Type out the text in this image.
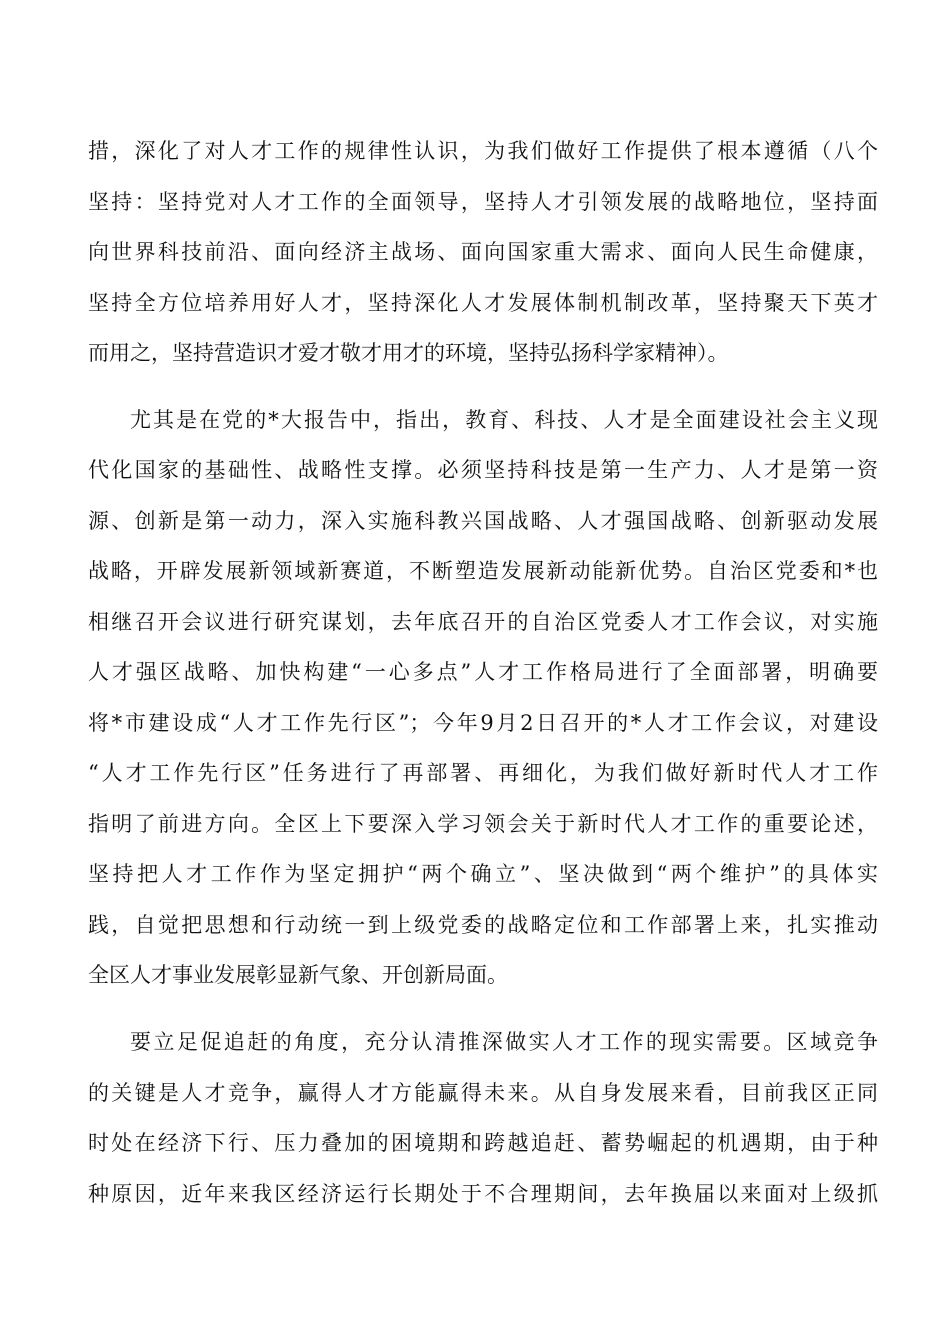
措，深化了对人才工作的规律性认识，为我们做好工作提供了根本遵循（八个
坚持：坚持党对人才工作的全面领导，坚持人才引领发展的战略地位，坚持面
向世界科技前沿、面向经济主战场、面向国家重大需求、面向人民生命健康，
坚持全方位培养用好人才，坚持深化人才发展体制机制改革，坚持聚天下英才
而用之，坚持营造识才爱才敬才用才的环境，坚持弘扬科学家精神）。
尤其是在党的*大报告中，指出，教育、科技、人才是全面建设社会主义现
代化国家的基础性、战略性支撑。必须坚持科技是第一生产力、人才是第一资
源、创新是第一动力，深入实施科教兴国战略、人才强国战略、创新驱动发展
战略，开辟发展新领域新赛道，不断塑造发展新动能新优势。自治区党委和*也
相继召开会议进行研究谋划，去年底召开的自治区党委人才工作会议，对实施
人才强区战略、加快构建“一心多点”人才工作格局进行了全面部署，明确要
将*市建设成“人才工作先行区”；今年9月2日召开的*人才工作会议，对建设
“人才工作先行区”任务进行了再部署、再细化，为我们做好新时代人才工作
指明了前进方向。全区上下要深入学习领会关于新时代人才工作的重要论述，
坚持把人才工作作为坚定拥护“两个确立”、坚决做到“两个维护”的具体实
践，自觉把思想和行动统一到上级党委的战略定位和工作部署上来，扎实推动
全区人才事业发展彰显新气象、开创新局面。
要立足促追赶的角度，充分认清推深做实人才工作的现实需要。区域竞争
的关键是人才竞争，赢得人才方能赢得未来。从自身发展来看，目前我区正同
时处在经济下行、压力叠加的困境期和跨越追赶、蓄势崛起的机遇期，由于种
种原因，近年来我区经济运行长期处于不合理期间，去年换届以来面对上级抓
